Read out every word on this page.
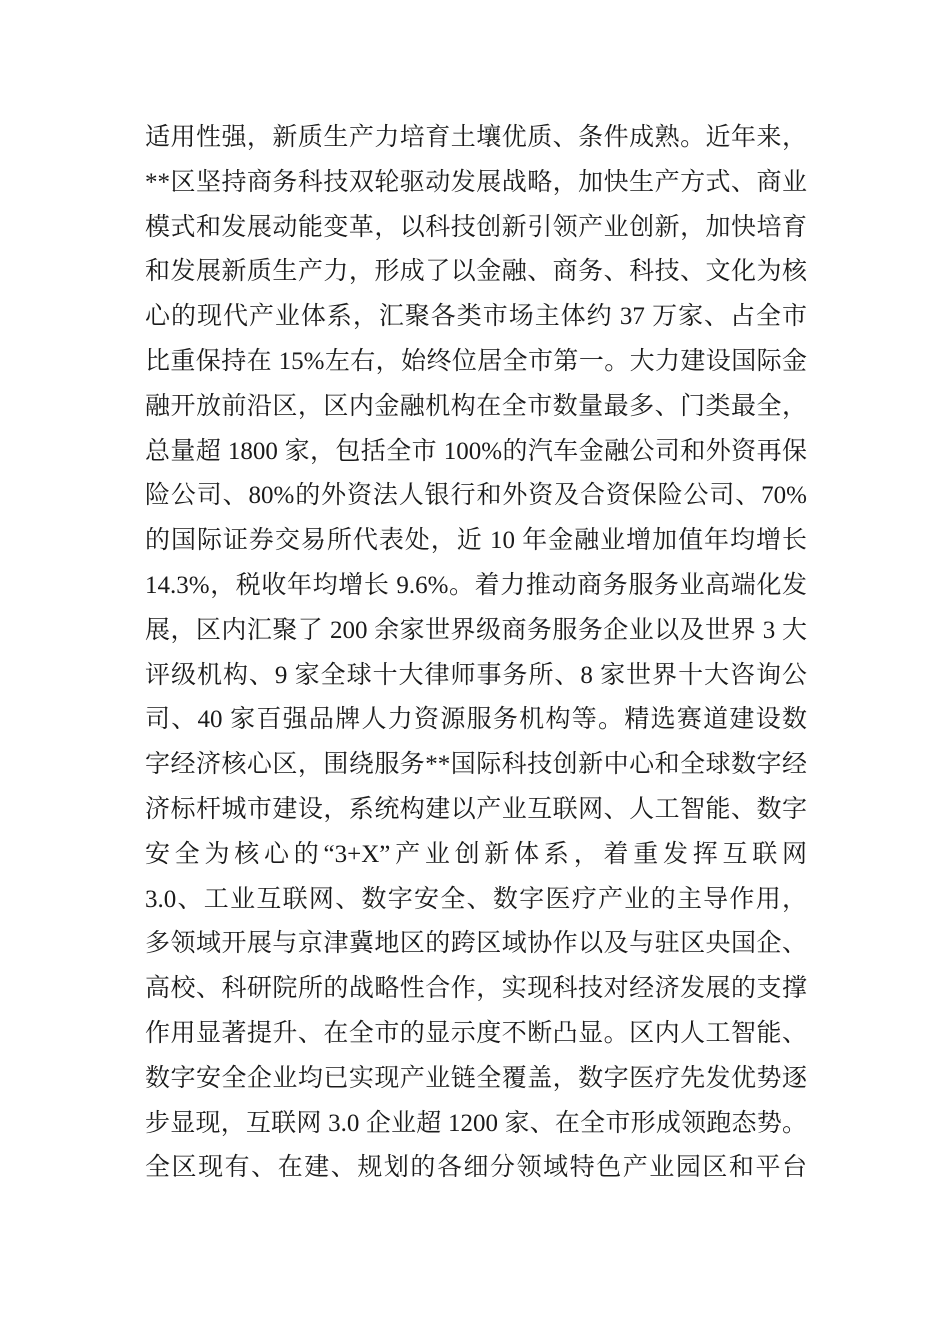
适用性强，新质生产力培育土壤优质、条件成熟。近年来，
**区坚持商务科技双轮驱动发展战略，加快生产方式、商业
模式和发展动能变革，以科技创新引领产业创新，加快培育
和发展新质生产力，形成了以金融、商务、科技、文化为核
心的现代产业体系，汇聚各类市场主体约 37 万家、占全市
比重保持在 15%左右，始终位居全市第一。大力建设国际金
融开放前沿区，区内金融机构在全市数量最多、门类最全，
总量超 1800 家，包括全市 100%的汽车金融公司和外资再保
险公司、80%的外资法人银行和外资及合资保险公司、70%
的国际证券交易所代表处，近 10 年金融业增加值年均增长
14.3%，税收年均增长 9.6%。着力推动商务服务业高端化发
展，区内汇聚了 200 余家世界级商务服务企业以及世界 3 大
评级机构、9 家全球十大律师事务所、8 家世界十大咨询公
司、40 家百强品牌人力资源服务机构等。精选赛道建设数
字经济核心区，围绕服务**国际科技创新中心和全球数字经
济标杆城市建设，系统构建以产业互联网、人工智能、数字
安全为核心的“3+X”产业创新体系，着重发挥互联网
3.0、工业互联网、数字安全、数字医疗产业的主导作用，
多领域开展与京津冀地区的跨区域协作以及与驻区央国企、
高校、科研院所的战略性合作，实现科技对经济发展的支撑
作用显著提升、在全市的显示度不断凸显。区内人工智能、
数字安全企业均已实现产业链全覆盖，数字医疗先发优势逐
步显现，互联网 3.0 企业超 1200 家、在全市形成领跑态势。
全区现有、在建、规划的各细分领域特色产业园区和平台
